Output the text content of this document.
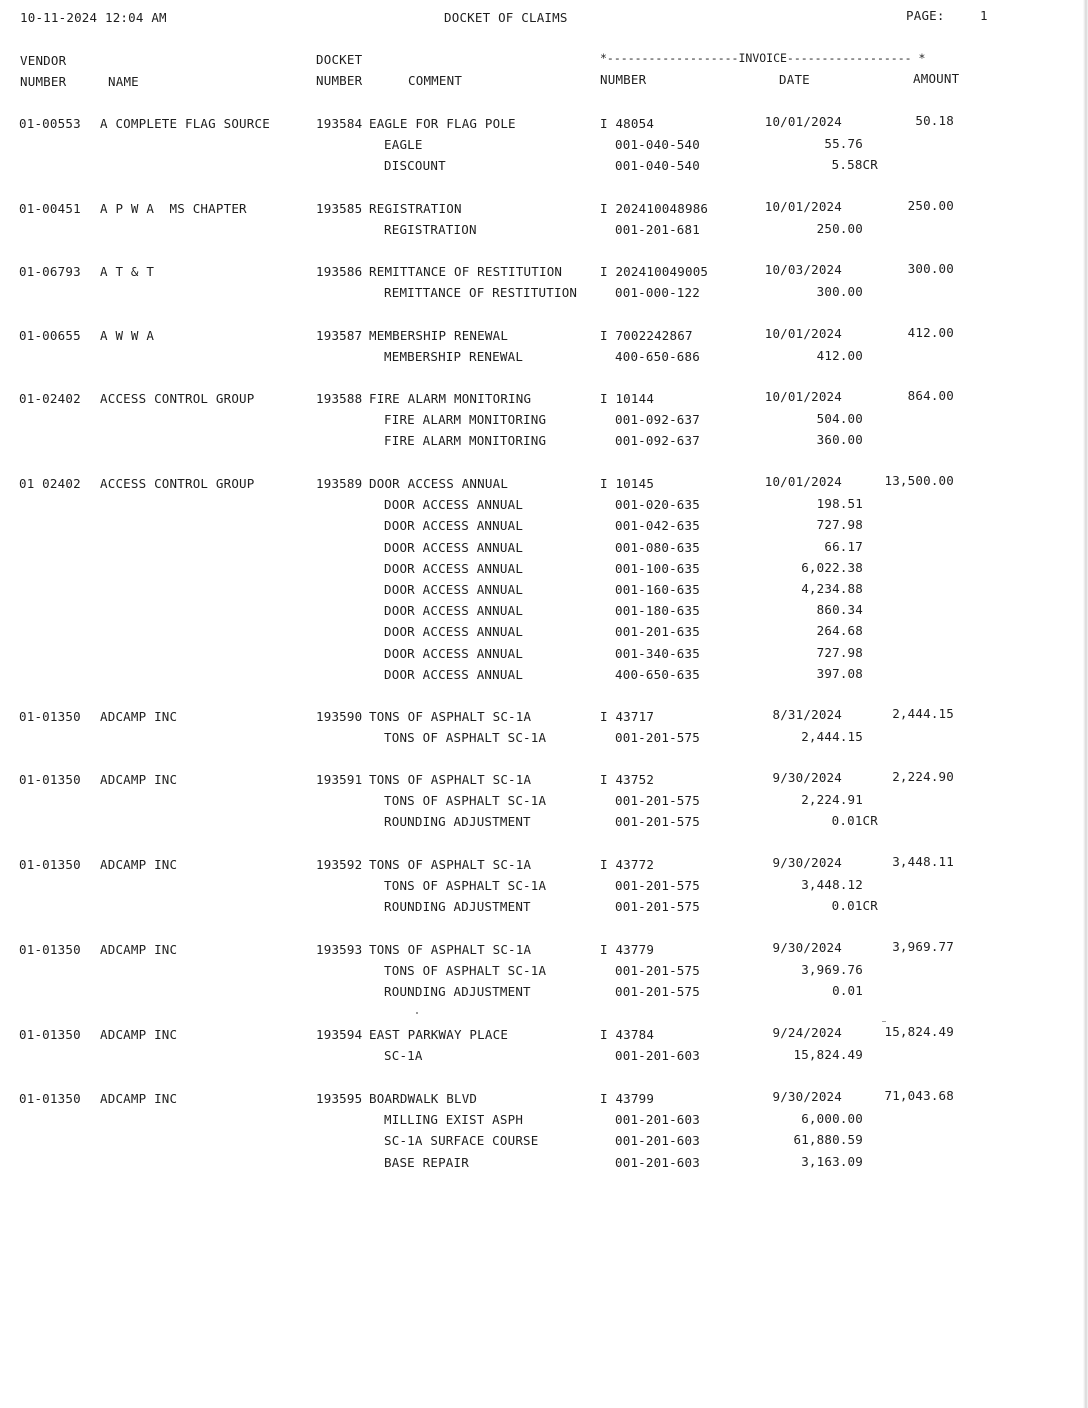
10-11-2024 12:04 AM	DOCKET OF CLAIMS	PAGE:	1
VENDOR
NUMBER	NAME
DOCKET
NUMBER	COMMENT
*-------------------INVOICE------------------ *
NUMBER	DATE	AMOUNT
01-00553 A COMPLETE FLAG SOURCE	193584 EAGLE FOR FLAG POLE	I 48054	10/01/2024	50.18
EAGLE	001-040-540	55.76
DISCOUNT	001-040-540	5.58CR
01-00451 A P W A  MS CHAPTER	193585 REGISTRATION	I 202410048986	10/01/2024	250.00
REGISTRATION	001-201-681	250.00
01-06793 A T & T	193586 REMITTANCE OF RESTITUTION	I 202410049005	10/03/2024	300.00
REMITTANCE OF RESTITUTION	001-000-122	300.00
01-00655 A W W A	193587 MEMBERSHIP RENEWAL	I 7002242867	10/01/2024	412.00
MEMBERSHIP RENEWAL	400-650-686	412.00
01-02402 ACCESS CONTROL GROUP	193588 FIRE ALARM MONITORING	I 10144	10/01/2024	864.00
FIRE ALARM MONITORING	001-092-637	504.00
FIRE ALARM MONITORING	001-092-637	360.00
01 02402 ACCESS CONTROL GROUP	193589 DOOR ACCESS ANNUAL	I 10145	10/01/2024	13,500.00
DOOR ACCESS ANNUAL	001-020-635	198.51
DOOR ACCESS ANNUAL	001-042-635	727.98
DOOR ACCESS ANNUAL	001-080-635	66.17
DOOR ACCESS ANNUAL	001-100-635	6,022.38
DOOR ACCESS ANNUAL	001-160-635	4,234.88
DOOR ACCESS ANNUAL	001-180-635	860.34
DOOR ACCESS ANNUAL	001-201-635	264.68
DOOR ACCESS ANNUAL	001-340-635	727.98
DOOR ACCESS ANNUAL	400-650-635	397.08
01-01350 ADCAMP INC	193590 TONS OF ASPHALT SC-1A	I 43717	8/31/2024	2,444.15
TONS OF ASPHALT SC-1A	001-201-575	2,444.15
01-01350 ADCAMP INC	193591 TONS OF ASPHALT SC-1A	I 43752	9/30/2024	2,224.90
TONS OF ASPHALT SC-1A	001-201-575	2,224.91
ROUNDING ADJUSTMENT	001-201-575	0.01CR
01-01350 ADCAMP INC	193592 TONS OF ASPHALT SC-1A	I 43772	9/30/2024	3,448.11
TONS OF ASPHALT SC-1A	001-201-575	3,448.12
ROUNDING ADJUSTMENT	001-201-575	0.01CR
01-01350 ADCAMP INC	193593 TONS OF ASPHALT SC-1A	I 43779	9/30/2024	3,969.77
TONS OF ASPHALT SC-1A	001-201-575	3,969.76
ROUNDING ADJUSTMENT	001-201-575	0.01
01-01350 ADCAMP INC	193594 EAST PARKWAY PLACE	I 43784	9/24/2024	15,824.49
SC-1A	001-201-603	15,824.49
01-01350 ADCAMP INC	193595 BOARDWALK BLVD	I 43799	9/30/2024	71,043.68
MILLING EXIST ASPH	001-201-603	6,000.00
SC-1A SURFACE COURSE	001-201-603	61,880.59
BASE REPAIR	001-201-603	3,163.09
